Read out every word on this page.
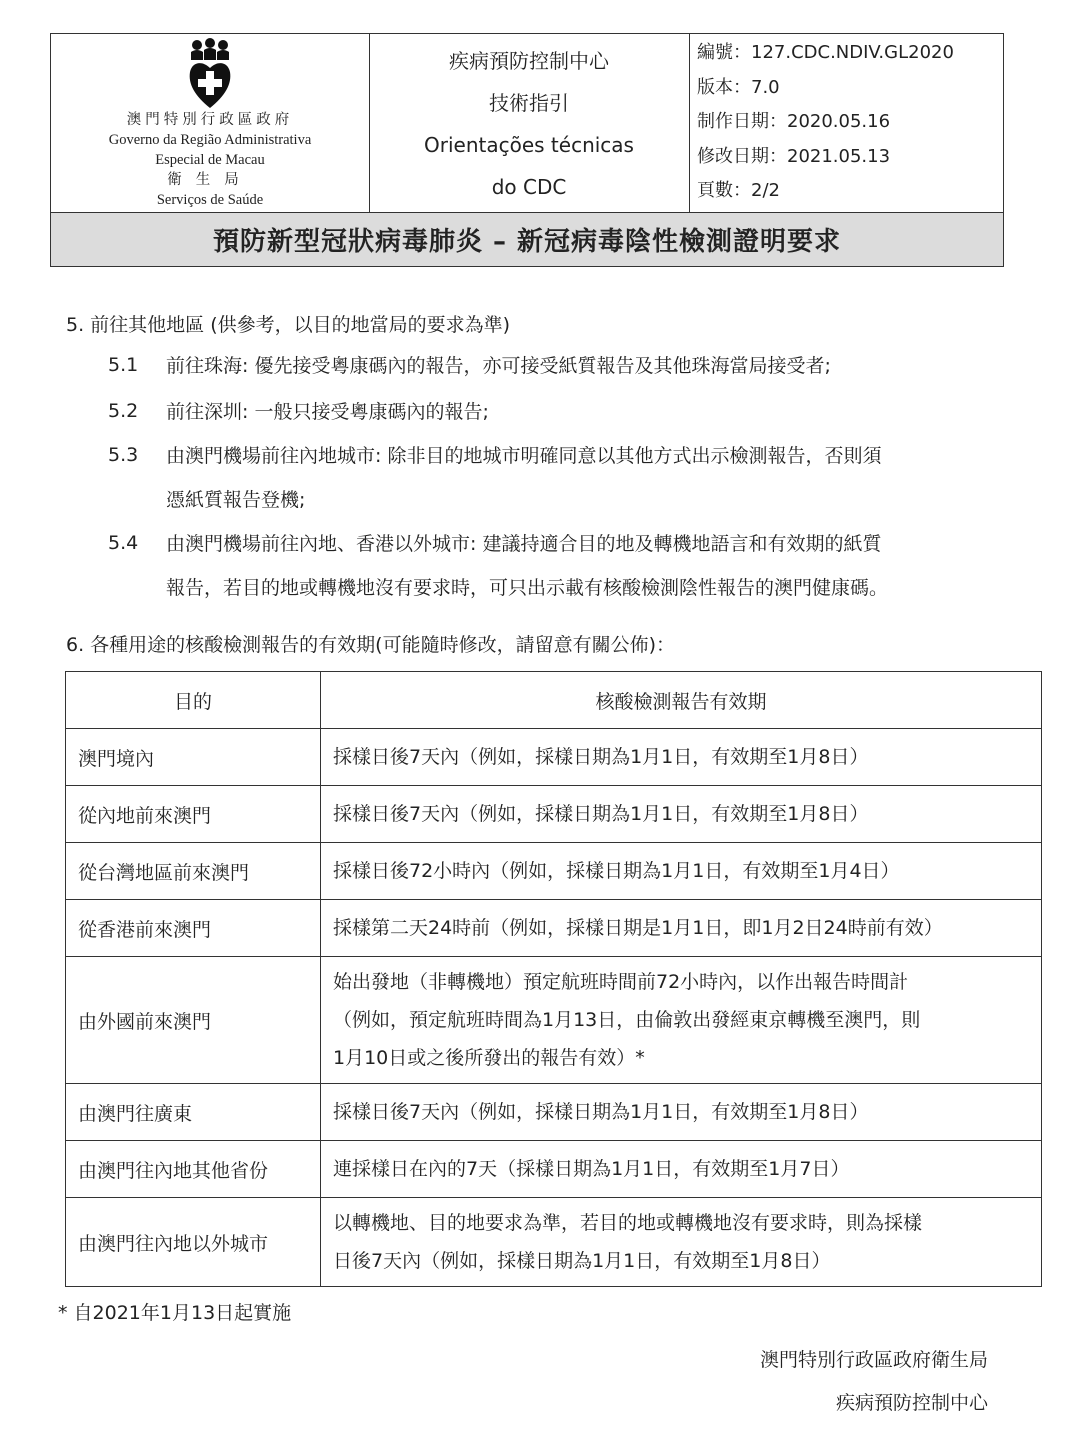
澳門特別行政區政府
Governo da Região Administrativa
Especial de Macau
衛生局
Serviços de Saúde
疾病預防控制中心
技術指引
Orientações técnicas
do CDC
編號：127.CDC.NDIV.GL2020
版本：7.0
制作日期：2020.05.16
修改日期：2021.05.13
頁數：2/2
預防新型冠狀病毒肺炎 – 新冠病毒陰性檢測證明要求
5. 前往其他地區 (供參考，以目的地當局的要求為準)
5.1 前往珠海: 優先接受粵康碼內的報告，亦可接受紙質報告及其他珠海當局接受者;
5.2 前往深圳: 一般只接受粵康碼內的報告;
5.3 由澳門機場前往內地城市: 除非目的地城市明確同意以其他方式出示檢測報告，否則須
憑紙質報告登機;
5.4 由澳門機場前往內地、香港以外城市: 建議持適合目的地及轉機地語言和有效期的紙質
報告，若目的地或轉機地沒有要求時，可只出示載有核酸檢測陰性報告的澳門健康碼。
6. 各種用途的核酸檢測報告的有效期(可能隨時修改，請留意有關公佈)：
目的	核酸檢測報告有效期
澳門境內	採樣日後7天內（例如，採樣日期為1月1日，有效期至1月8日）
從內地前來澳門	採樣日後7天內（例如，採樣日期為1月1日，有效期至1月8日）
從台灣地區前來澳門	採樣日後72小時內（例如，採樣日期為1月1日，有效期至1月4日）
從香港前來澳門	採樣第二天24時前（例如，採樣日期是1月1日，即1月2日24時前有效）
由外國前來澳門	始出發地（非轉機地）預定航班時間前72小時內，以作出報告時間計
（例如，預定航班時間為1月13日，由倫敦出發經東京轉機至澳門，則
1月10日或之後所發出的報告有效）*

由澳門往廣東	採樣日後7天內（例如，採樣日期為1月1日，有效期至1月8日）
由澳門往內地其他省份	連採樣日在內的7天（採樣日期為1月1日，有效期至1月7日）
由澳門往內地以外城市	以轉機地、目的地要求為準，若目的地或轉機地沒有要求時，則為採樣
日後7天內（例如，採樣日期為1月1日，有效期至1月8日）
* 自2021年1月13日起實施
澳門特別行政區政府衛生局
疾病預防控制中心
